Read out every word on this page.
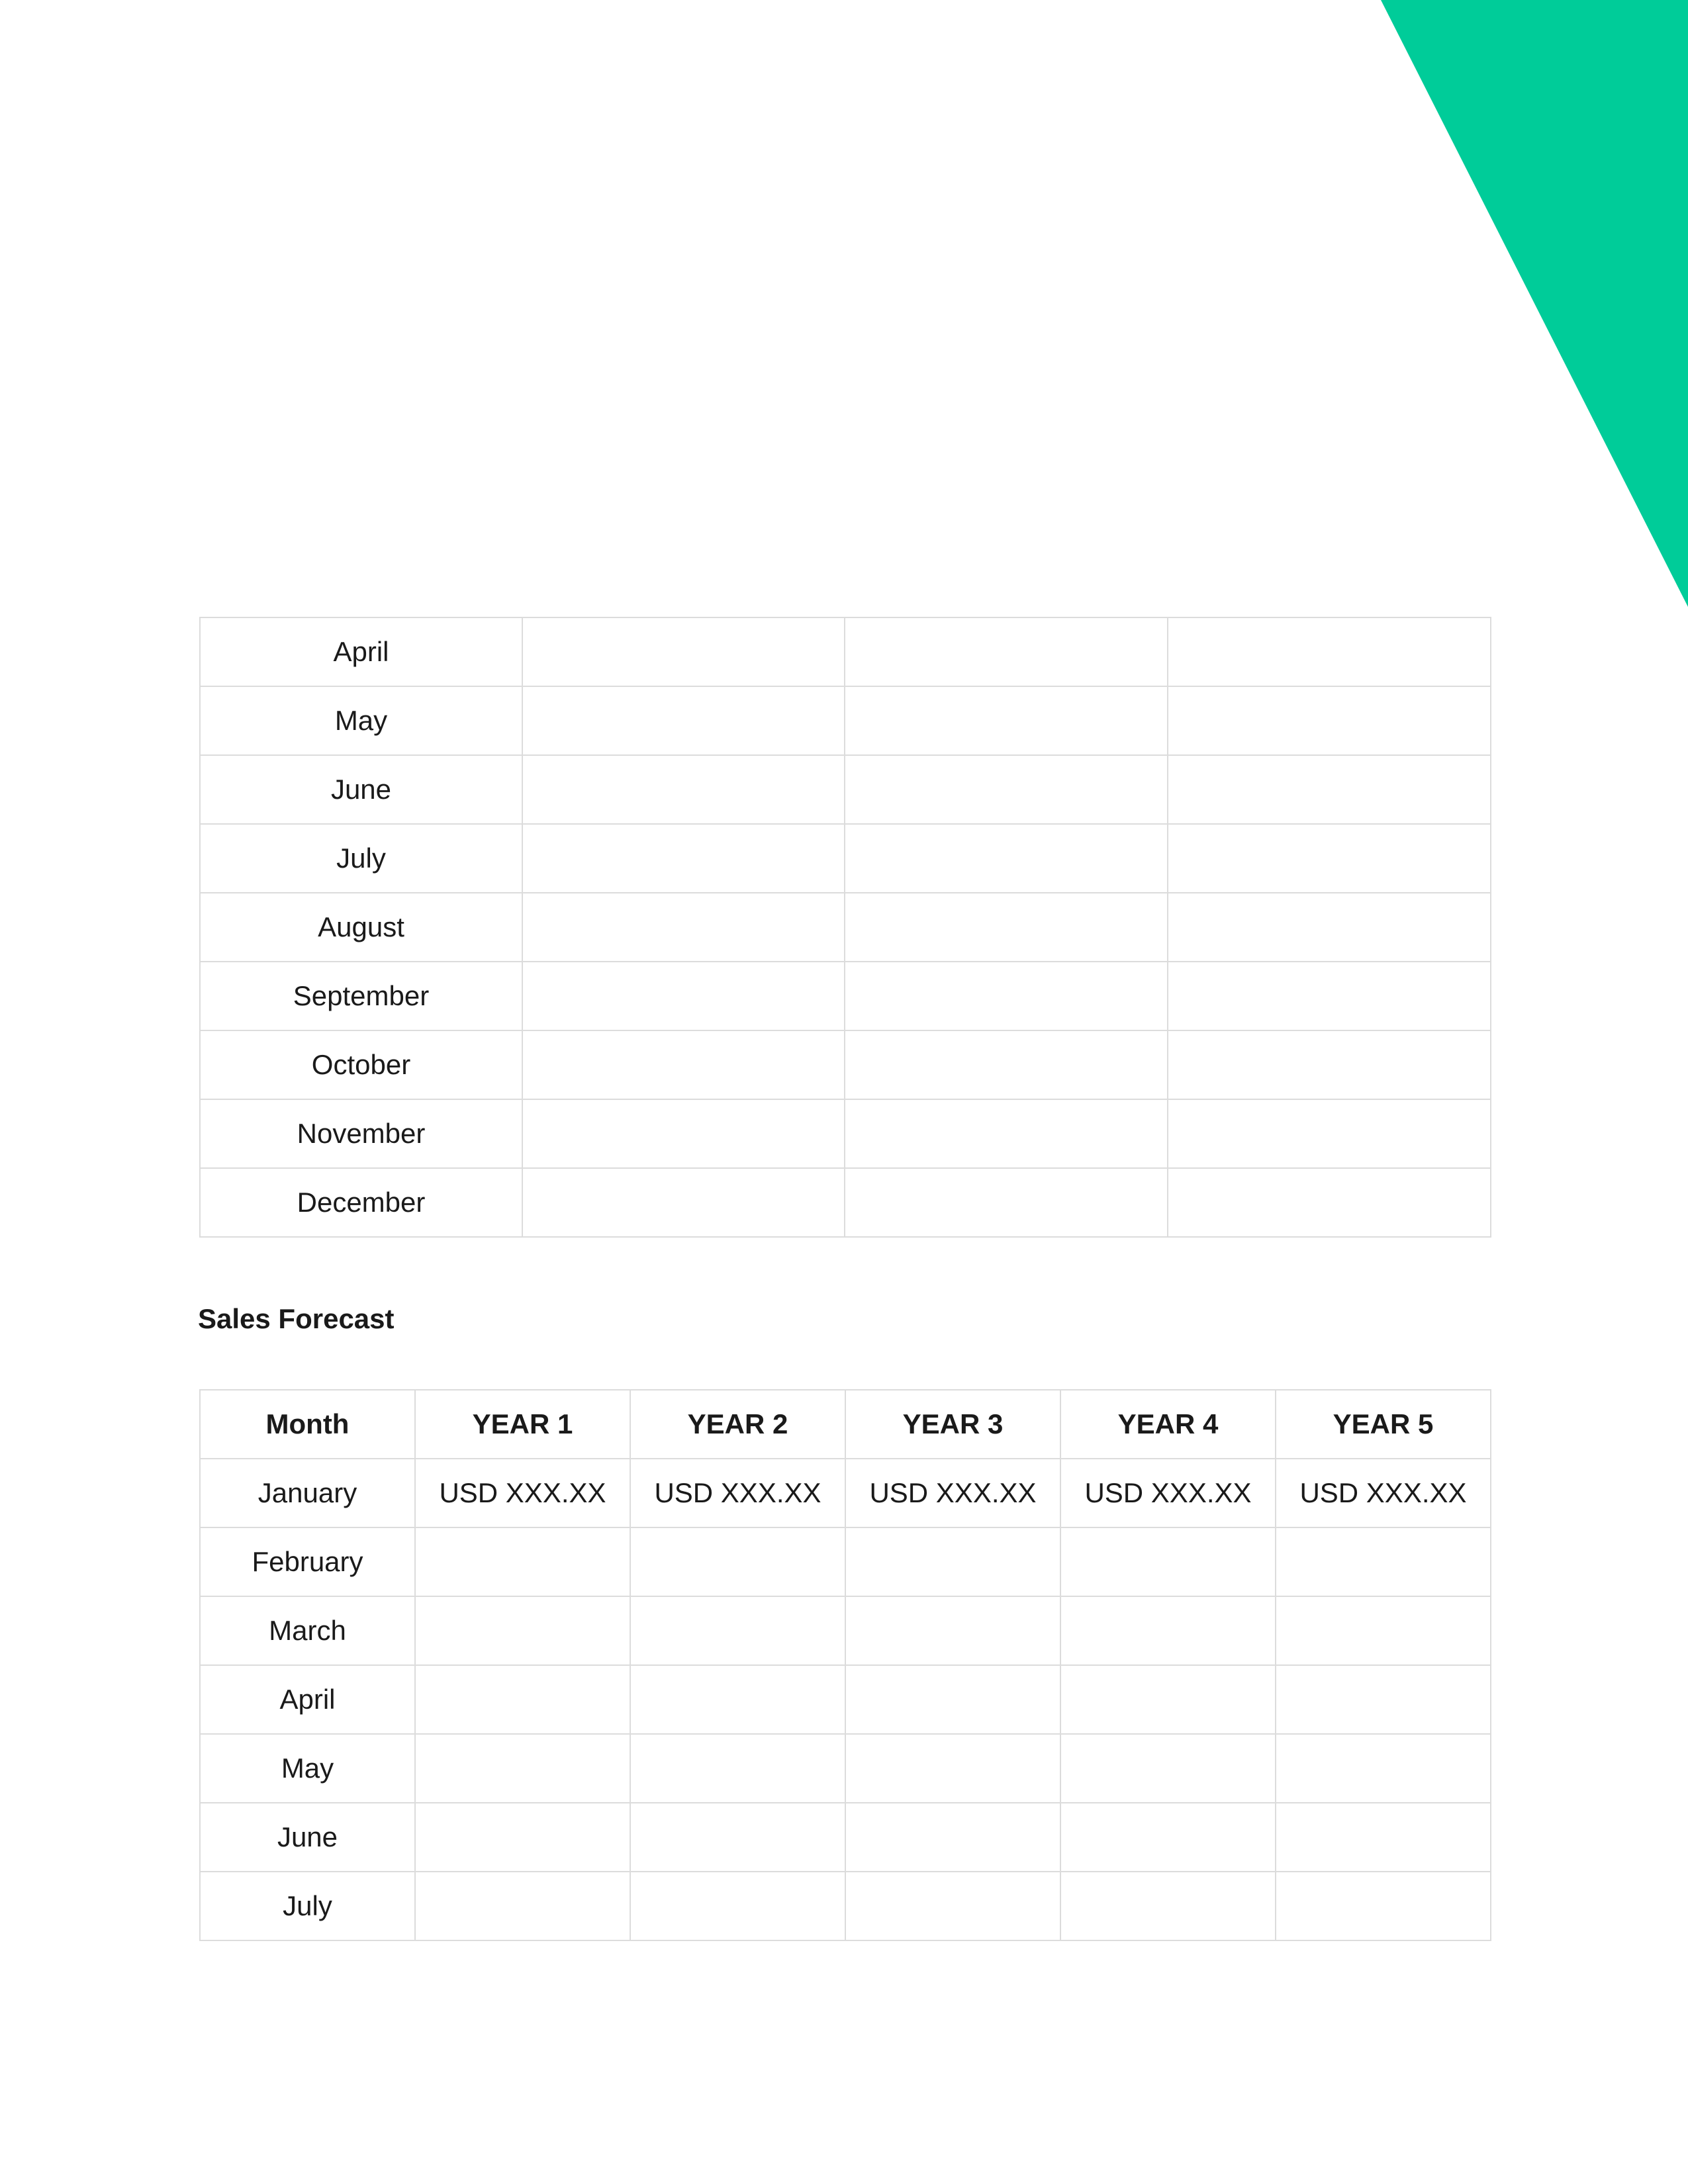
April			
May			
June			
July			
August			
September			
October			
November			
December			
Sales Forecast
Month	YEAR 1	YEAR 2	YEAR 3	YEAR 4	YEAR 5
January	USD XXX.XX	USD XXX.XX	USD XXX.XX	USD XXX.XX	USD XXX.XX
February					
March					
April					
May					
June					
July					
